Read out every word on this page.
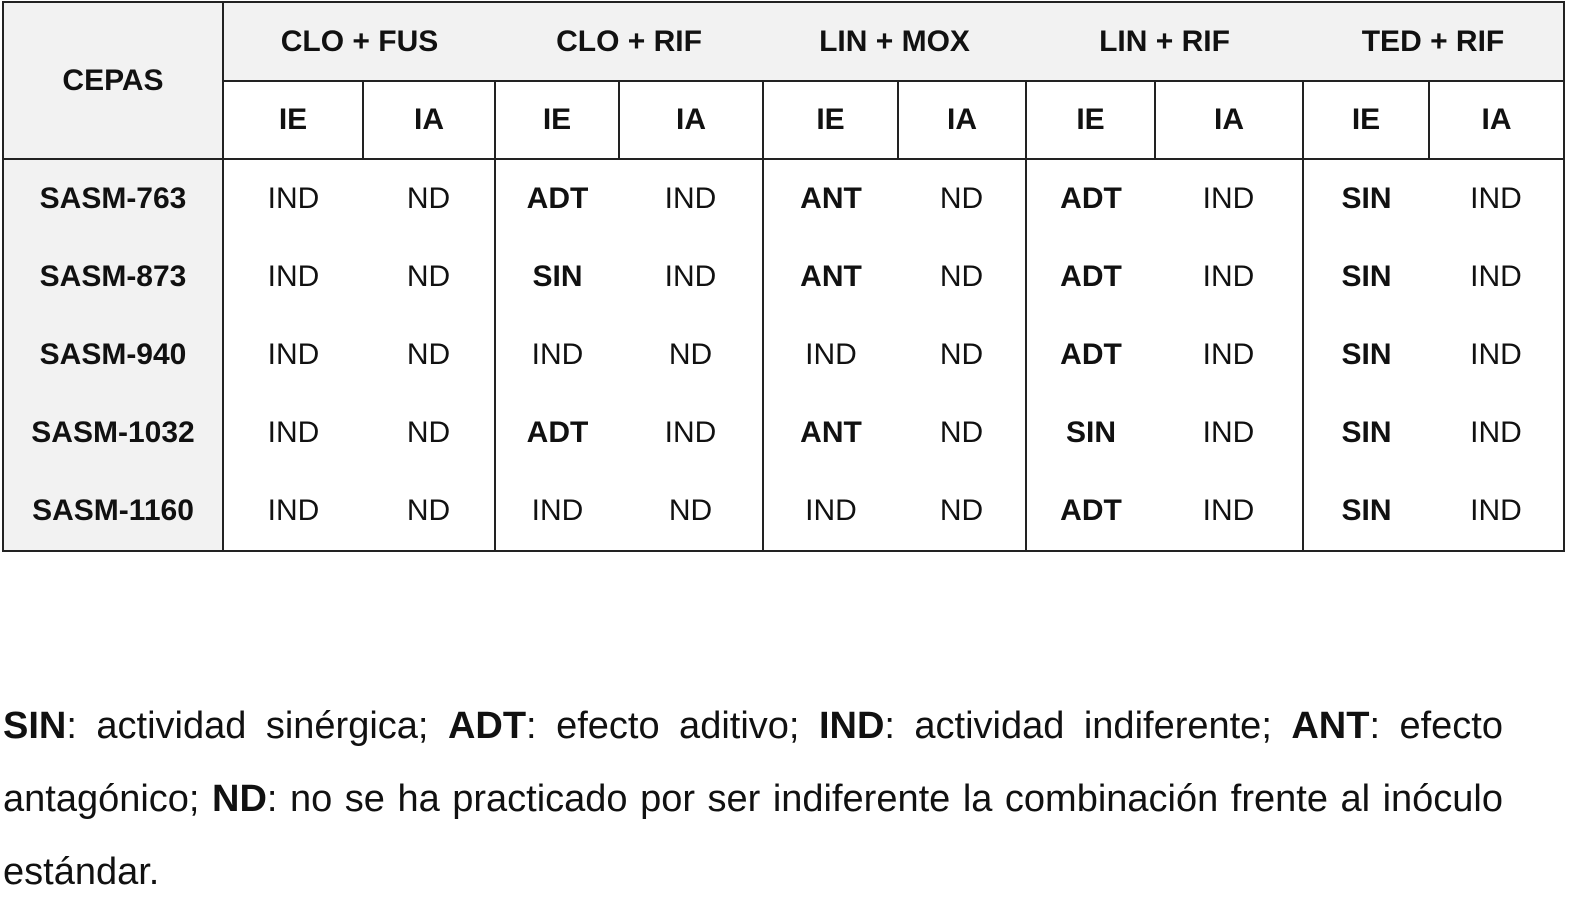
CEPAS	CLO + FUS		CLO + RIF		LIN + MOX		LIN + RIF		TED + RIF	
	IE	IA	IE	IA	IE	IA	IE	IA	IE	IA
SASM-763	IND	ND	ADT	IND	ANT	ND	ADT	IND	SIN	IND
SASM-873	IND	ND	SIN	IND	ANT	ND	ADT	IND	SIN	IND
SASM-940	IND	ND	IND	ND	IND	ND	ADT	IND	SIN	IND
SASM-1032	IND	ND	ADT	IND	ANT	ND	SIN	IND	SIN	IND
SASM-1160	IND	ND	IND	ND	IND	ND	ADT	IND	SIN	IND
SIN: actividad sinérgica; ADT: efecto aditivo; IND: actividad indiferente; ANT: efecto antagónico; ND: no se ha practicado por ser indiferente la combinación frente al inóculo estándar.
